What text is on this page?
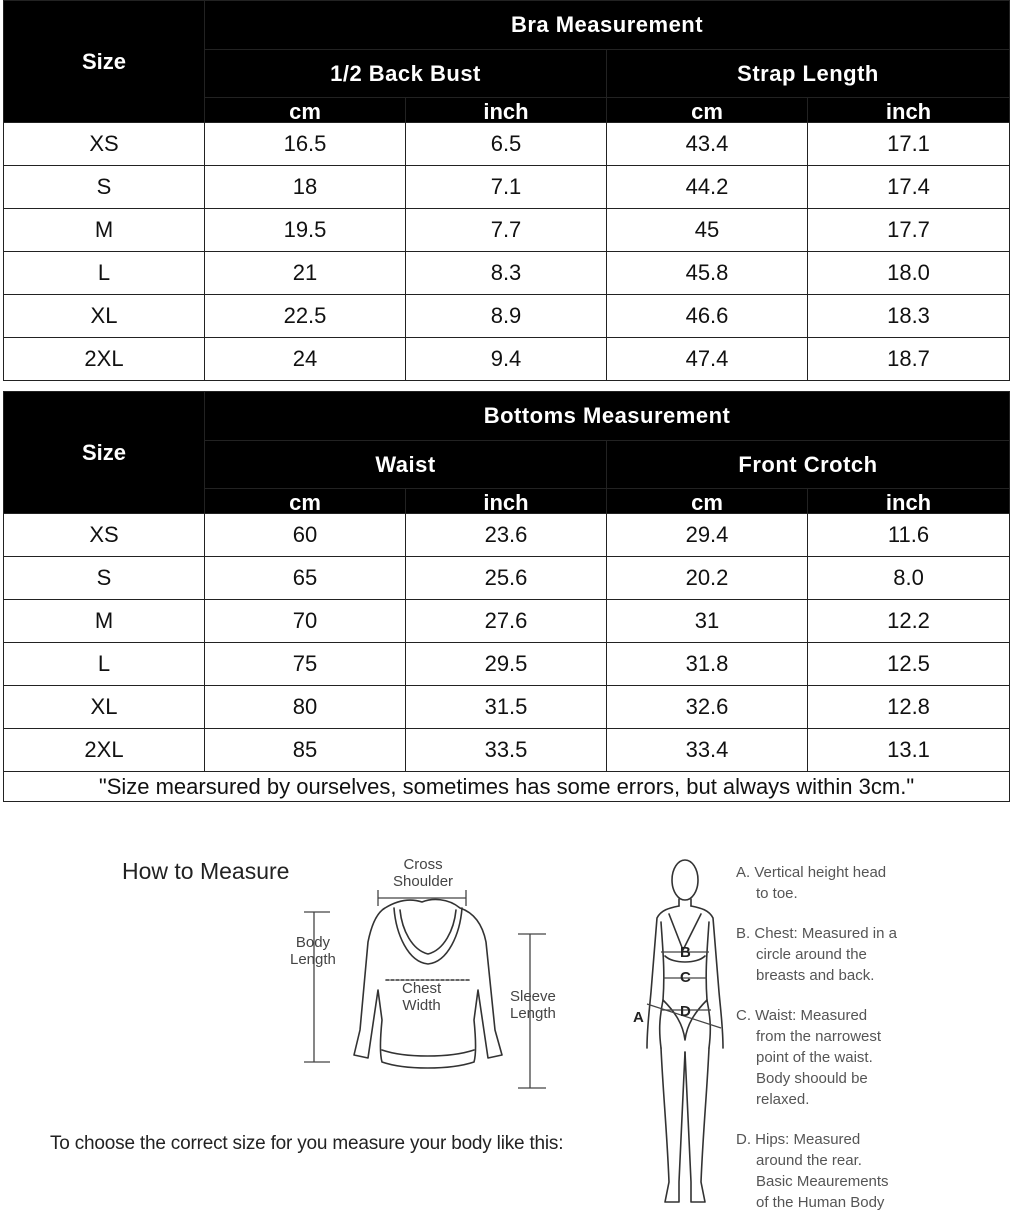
Size	Bra Measurement			
	1/2 Back Bust		Strap Length	
	cm	inch	cm	inch
XS	16.5	6.5	43.4	17.1
S	18	7.1	44.2	17.4
M	19.5	7.7	45	17.7
L	21	8.3	45.8	18.0
XL	22.5	8.9	46.6	18.3
2XL	24	9.4	47.4	18.7
Size	Bottoms Measurement			
	Waist		Front Crotch	
	cm	inch	cm	inch
XS	60	23.6	29.4	11.6
S	65	25.6	20.2	8.0
M	70	27.6	31	12.2
L	75	29.5	31.8	12.5
XL	80	31.5	32.6	12.8
2XL	85	33.5	33.4	13.1
"Size mearsured by ourselves, sometimes has some errors, but always within 3cm."				
How to Measure	Cross
Shoulder
Body
Length
Chest
Width
Sleeve
Length
To choose the correct size for you measure your body like this:
A
B
C
D
A. Vertical height head
to toe.
B. Chest: Measured in a
circle around the
breasts and back.
C. Waist: Measured
from the narrowest
point of the waist.
Body shoould be
relaxed.
D. Hips: Measured
around the rear.
Basic Meaurements
of the Human Body
